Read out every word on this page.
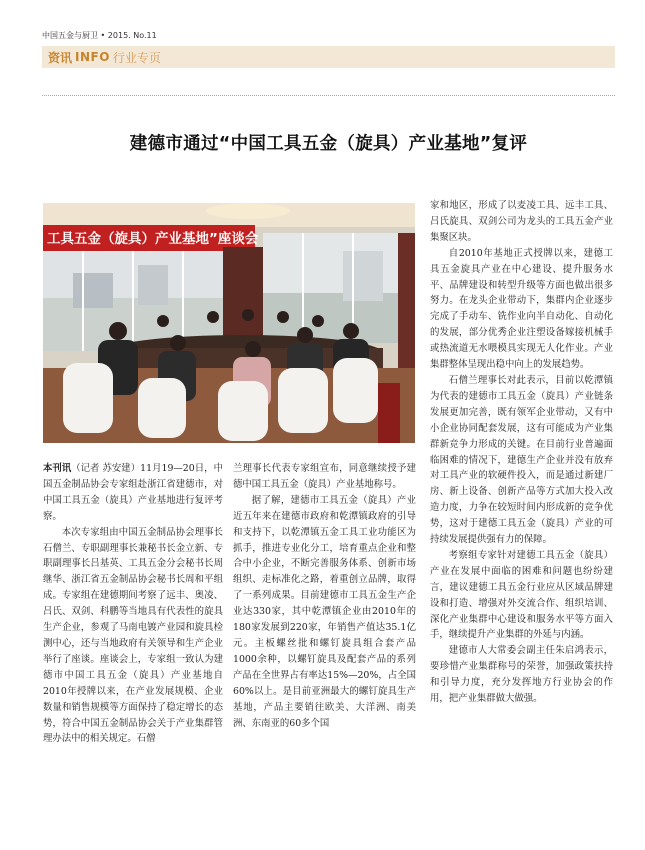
中国五金与厨卫 • 2015. No.11
资讯 INFO 行业专页
建德市通过“中国工具五金（旋具）产业基地”复评
工具五金（旋具）产业基地”座谈会

本刊讯（记者 苏安建）11月19—20日，中国五金制品协会专家组赴浙江省建德市，对中国工具五金（旋具）产业基地进行复评考察。

本次专家组由中国五金制品协会理事长石僧兰、专职副理事长兼秘书长金立新、专职副理事长吕基英、工具五金分会秘书长周继华、浙江省五金制品协会秘书长周和平组成。专家组在建德期间考察了远丰、奥凌、吕氏、双剑、科鹏等当地具有代表性的旋具生产企业，参观了马南电镀产业园和旋具检测中心，还与当地政府有关领导和生产企业举行了座谈。座谈会上，专家组一致认为建德市中国工具五金（旋具）产业基地自2010年授牌以来，在产业发展规模、企业数量和销售规模等方面保持了稳定增长的态势，符合中国五金制品协会关于产业集群管理办法中的相关规定。石僧

兰理事长代表专家组宣布，同意继续授予建德中国工具五金（旋具）产业基地称号。

据了解，建德市工具五金（旋具）产业近五年来在建德市政府和乾潭镇政府的引导和支持下，以乾潭镇五金工具工业功能区为抓手，推进专业化分工，培育重点企业和整合中小企业，不断完善服务体系、创新市场组织、走标准化之路，着重创立品牌，取得了一系列成果。目前建德市工具五金生产企业达330家，其中乾潭镇企业由2010年的180家发展到220家，年销售产值达35.1亿元。主板螺丝批和螺钉旋具组合套产品1000余种，以螺钉旋具及配套产品的系列产品在全世界占有率达15%—20%，占全国60%以上。是目前亚洲最大的螺钉旋具生产基地，产品主要销往欧美、大洋洲、南美洲、东南亚的60多个国

家和地区，形成了以麦凌工具、远丰工具、吕氏旋具、双剑公司为龙头的工具五金产业集聚区块。

自2010年基地正式授牌以来，建德工具五金旋具产业在中心建设、提升服务水平、品牌建设和转型升级等方面也做出很多努力。在龙头企业带动下，集群内企业逐步完成了手动车、铣作业向半自动化、自动化的发展，部分优秀企业注塑设备嫁接机械手或热流道无水喂模具实现无人化作业。产业集群整体呈现出稳中向上的发展趋势。

石僧兰理事长对此表示，目前以乾潭镇为代表的建德市工具五金（旋具）产业链条发展更加完善，既有领军企业带动，又有中小企业协同配套发展，这有可能成为产业集群新竞争力形成的关键。在目前行业普遍面临困难的情况下，建德生产企业并没有放弃对工具产业的软硬件投入，而是通过新建厂房、新上设备、创新产品等方式加大投入改造力度，力争在较短时间内形成新的竞争优势，这对于建德工具五金（旋具）产业的可持续发展提供强有力的保障。

考察组专家针对建德工具五金（旋具）产业在发展中面临的困难和问题也纷纷建言，建议建德工具五金行业应从区域品牌建设和打造、增强对外交流合作、组织培训、深化产业集群中心建设和服务水平等方面入手，继续提升产业集群的外延与内涵。

建德市人大常委会副主任朱启鸿表示，要珍惜产业集群称号的荣誉，加强政策扶持和引导力度，充分发挥地方行业协会的作用，把产业集群做大做强。
